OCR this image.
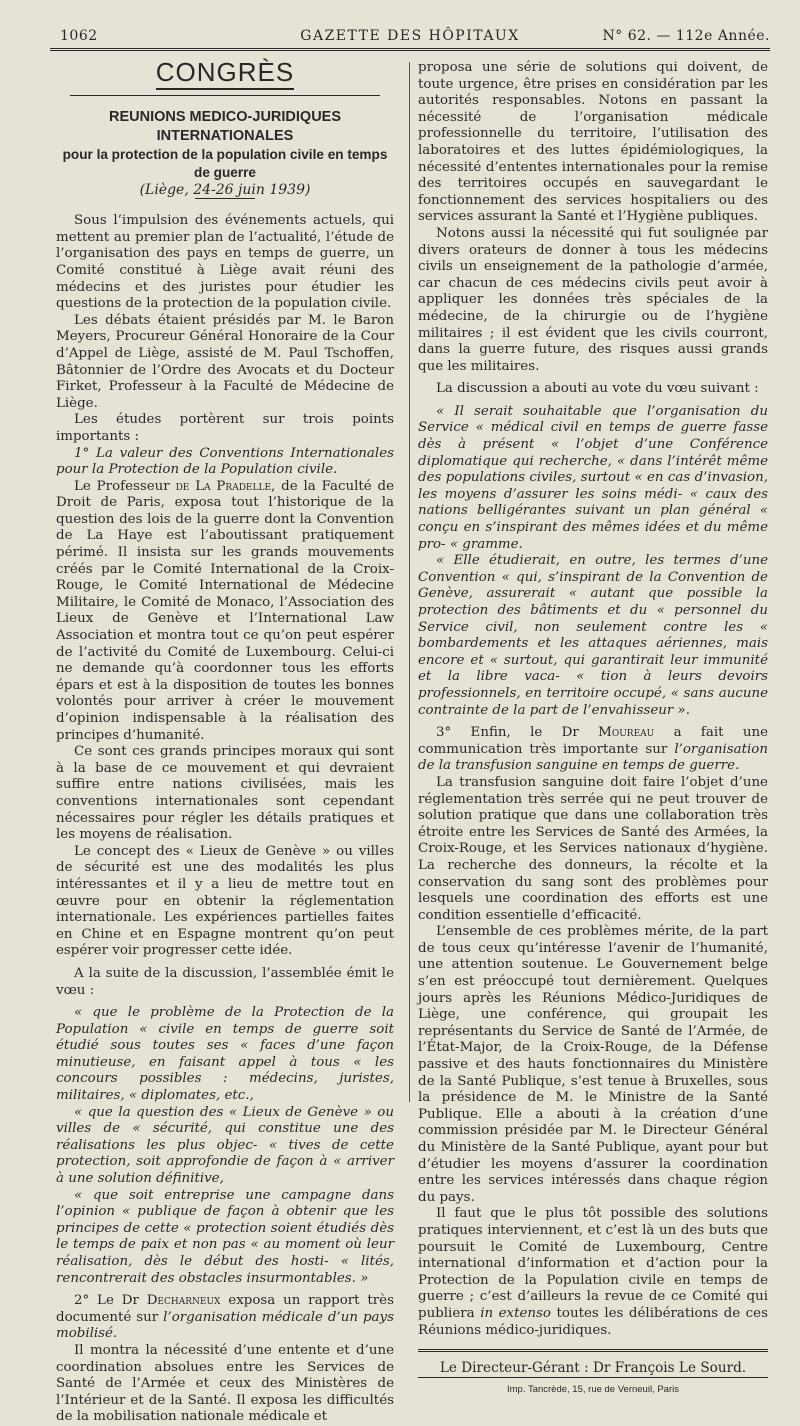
1062	GAZETTE DES HÔPITAUX	N° 62. — 112e Année.
CONGRÈS

REUNIONS MEDICO-JURIDIQUES INTERNATIONALES

pour la protection de la population civile en temps de guerre

(Liège, 24-26 juin 1939)

Sous l’impulsion des événements actuels, qui mettent au premier plan de l’actualité, l’étude de l’organisation des pays en temps de guerre, un Comité constitué à Liège avait réuni des médecins et des juristes pour étudier les questions de la protection de la population civile.

Les débats étaient présidés par M. le Baron Meyers, Procureur Général Honoraire de la Cour d’Appel de Liège, assisté de M. Paul Tschoffen, Bâtonnier de l’Ordre des Avocats et du Docteur Firket, Professeur à la Faculté de Médecine de Liège.

Les études portèrent sur trois points importants :

1° La valeur des Conventions Internationales pour la Protection de la Population civile.

Le Professeur de La Pradelle, de la Faculté de Droit de Paris, exposa tout l’historique de la question des lois de la guerre dont la Convention de La Haye est l’aboutissant pratiquement périmé. Il insista sur les grands mouvements créés par le Comité International de la Croix-Rouge, le Comité International de Médecine Militaire, le Comité de Monaco, l’Association des Lieux de Genève et l’International Law Association et montra tout ce qu’on peut espérer de l’activité du Comité de Luxembourg. Celui-ci ne demande qu’à coordonner tous les efforts épars et est à la disposition de toutes les bonnes volontés pour arriver à créer le mouvement d’opinion indispensable à la réalisation des principes d’humanité.

Ce sont ces grands principes moraux qui sont à la base de ce mouvement et qui devraient suffire entre nations civilisées, mais les conventions internationales sont cependant nécessaires pour régler les détails pratiques et les moyens de réalisation.

Le concept des « Lieux de Genève » ou villes de sécurité est une des modalités les plus intéressantes et il y a lieu de mettre tout en œuvre pour en obtenir la réglementation internationale. Les expériences partielles faites en Chine et en Espagne montrent qu’on peut espérer voir progresser cette idée.

A la suite de la discussion, l’assemblée émit le vœu :

« que le problème de la Protection de la Population « civile en temps de guerre soit étudié sous toutes ses « faces d’une façon minutieuse, en faisant appel à tous « les concours possibles : médecins, juristes, militaires, « diplomates, etc.,

« que la question des « Lieux de Genève » ou villes de « sécurité, qui constitue une des réalisations les plus objec- « tives de cette protection, soit approfondie de façon à « arriver à une solution définitive,

« que soit entreprise une campagne dans l’opinion « publique de façon à obtenir que les principes de cette « protection soient étudiés dès le temps de paix et non pas « au moment où leur réalisation, dès le début des hosti- « lités, rencontrerait des obstacles insurmontables. »

2° Le Dr Decharneux exposa un rapport très documenté sur l’organisation médicale d’un pays mobilisé.

Il montra la nécessité d’une entente et d’une coordination absolues entre les Services de Santé de l’Armée et ceux des Ministères de l’Intérieur et de la Santé. Il exposa les difficultés de la mobilisation nationale médicale et

proposa une série de solutions qui doivent, de toute urgence, être prises en considération par les autorités responsables. Notons en passant la nécessité de l’organisation médicale professionnelle du territoire, l’utilisation des laboratoires et des luttes épidémiologiques, la nécessité d’ententes internationales pour la remise des territoires occupés en sauvegardant le fonctionnement des services hospitaliers ou des services assurant la Santé et l’Hygiène publiques.

Notons aussi la nécessité qui fut soulignée par divers orateurs de donner à tous les médecins civils un enseignement de la pathologie d’armée, car chacun de ces médecins civils peut avoir à appliquer les données très spéciales de la médecine, de la chirurgie ou de l’hygiène militaires ; il est évident que les civils courront, dans la guerre future, des risques aussi grands que les militaires.

La discussion a abouti au vote du vœu suivant :

« Il serait souhaitable que l’organisation du Service « médical civil en temps de guerre fasse dès à présent « l’objet d’une Conférence diplomatique qui recherche, « dans l’intérêt même des populations civiles, surtout « en cas d’invasion, les moyens d’assurer les soins médi- « caux des nations belligérantes suivant un plan général « conçu en s’inspirant des mêmes idées et du même pro- « gramme.

« Elle étudierait, en outre, les termes d’une Convention « qui, s’inspirant de la Convention de Genève, assurerait « autant que possible la protection des bâtiments et du « personnel du Service civil, non seulement contre les « bombardements et les attaques aériennes, mais encore et « surtout, qui garantirait leur immunité et la libre vaca- « tion à leurs devoirs professionnels, en territoire occupé, « sans aucune contrainte de la part de l’envahisseur ».

3° Enfin, le Dr Moureau a fait une communication très importante sur l’organisation de la transfusion sanguine en temps de guerre.

La transfusion sanguine doit faire l’objet d’une réglementation très serrée qui ne peut trouver de solution pratique que dans une collaboration très étroite entre les Services de Santé des Armées, la Croix-Rouge, et les Services nationaux d’hygiène. La recherche des donneurs, la récolte et la conservation du sang sont des problèmes pour lesquels une coordination des efforts est une condition essentielle d’efficacité.

L’ensemble de ces problèmes mérite, de la part de tous ceux qu’intéresse l’avenir de l’humanité, une attention soutenue. Le Gouvernement belge s’en est préoccupé tout dernièrement. Quelques jours après les Réunions Médico-Juridiques de Liège, une conférence, qui groupait les représentants du Service de Santé de l’Armée, de l’État-Major, de la Croix-Rouge, de la Défense passive et des hauts fonctionnaires du Ministère de la Santé Publique, s’est tenue à Bruxelles, sous la présidence de M. le Ministre de la Santé Publique. Elle a abouti à la création d’une commission présidée par M. le Directeur Général du Ministère de la Santé Publique, ayant pour but d’étudier les moyens d’assurer la coordination entre les services intéressés dans chaque région du pays.

Il faut que le plus tôt possible des solutions pratiques interviennent, et c’est là un des buts que poursuit le Comité de Luxembourg, Centre international d’information et d’action pour la Protection de la Population civile en temps de guerre ; c’est d’ailleurs la revue de ce Comité qui publiera in extenso toutes les délibérations de ces Réunions médico-juridiques.

Le Directeur-Gérant : Dr François Le Sourd.

Imp. Tancrède, 15, rue de Verneuil, Paris
